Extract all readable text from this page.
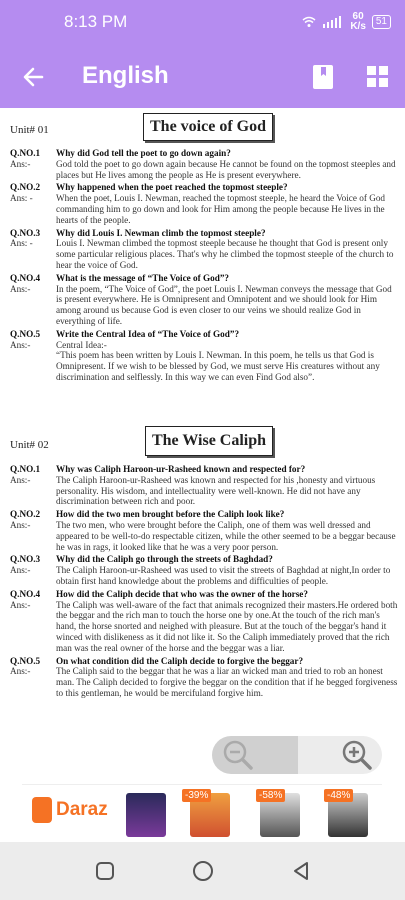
8:13 PM	60
K/s	51
English
Unit# 01	The voice of God
Q.NO.1	Why did God tell the poet to go down again?
Ans:-	God told the poet to go down again because He cannot be found on the topmost steeples and places but He lives among the people as He is present everywhere.
Q.NO.2	Why happened when the poet reached the topmost steeple?
Ans: -	When the poet, Louis I. Newman, reached the topmost steeple, he heard the Voice of God commanding him to go down and look for Him among the people because He lives in the hearts of the people.
Q.NO.3	Why did Louis I. Newman climb the topmost steeple?
Ans: -	Louis I. Newman climbed the topmost steeple because he thought that God is present only some particular religious places. That's why he climbed the topmost steeple of the church to hear the voice of God.
Q.NO.4	What is the message of “The Voice of God”?
Ans:-	In the poem, “The Voice of God”, the poet Louis I. Newman conveys the message that God is present everywhere. He is Omnipresent and Omnipotent and we should look for Him among around us because God is even closer to our veins we should realize God in everything of life.
Q.NO.5	Write the Central Idea of “The Voice of God”?
Ans:-	Central Idea:-
“This poem has been written by Louis I. Newman. In this poem, he tells us that God is Omnipresent. If we wish to be blessed by God, we must serve His creatures without any discrimination and selflessly. In this way we can even Find God also”.
Unit# 02	The Wise Caliph
Q.NO.1	Why was Caliph Haroon-ur-Rasheed known and respected for?
Ans:-	The Caliph Haroon-ur-Rasheed was known and respected for his ,honesty and virtuous personality. His wisdom, and intellectuality were well-known. He did not have any discrimination between rich and poor.
Q.NO.2	How did the two men brought before the Caliph look like?
Ans:-	The two men, who were brought before the Caliph, one of them was well dressed and appeared to be well-to-do respectable citizen, while the other seemed to be a beggar because he was in rags, it looked like that he was a very poor person.
Q.NO.3	Why did the Caliph go through the streets of Baghdad?
Ans:-	The Caliph Haroon-ur-Rasheed was used to visit the streets of Baghdad at night,In order to obtain first hand knowledge about the problems and difficulties of people.
Q.NO.4	How did the Caliph decide that who was the owner of the horse?
Ans:-	The Caliph was well-aware of the fact that animals recognized their masters.He ordered both the beggar and the rich man to touch the horse one by one.At the touch of the rich man's hand, the horse snorted and neighed with pleasure. But at the touch of the beggar's hand it winced with dislikeness as it did not like it. So the Caliph immediately proved that the rich man was the real owner of the horse and the beggar was a liar.
Q.NO.5	On what condition did the Caliph decide to forgive the beggar?
Ans:-	The Caliph said to the beggar that he was a liar an wicked man and tried to rob an honest man. The Caliph decided to forgive the beggar on the condition that if he begged forgiveness to this gentleman, he would be mercifuland forgive him.
Daraz
-39%	-58%	-48%
